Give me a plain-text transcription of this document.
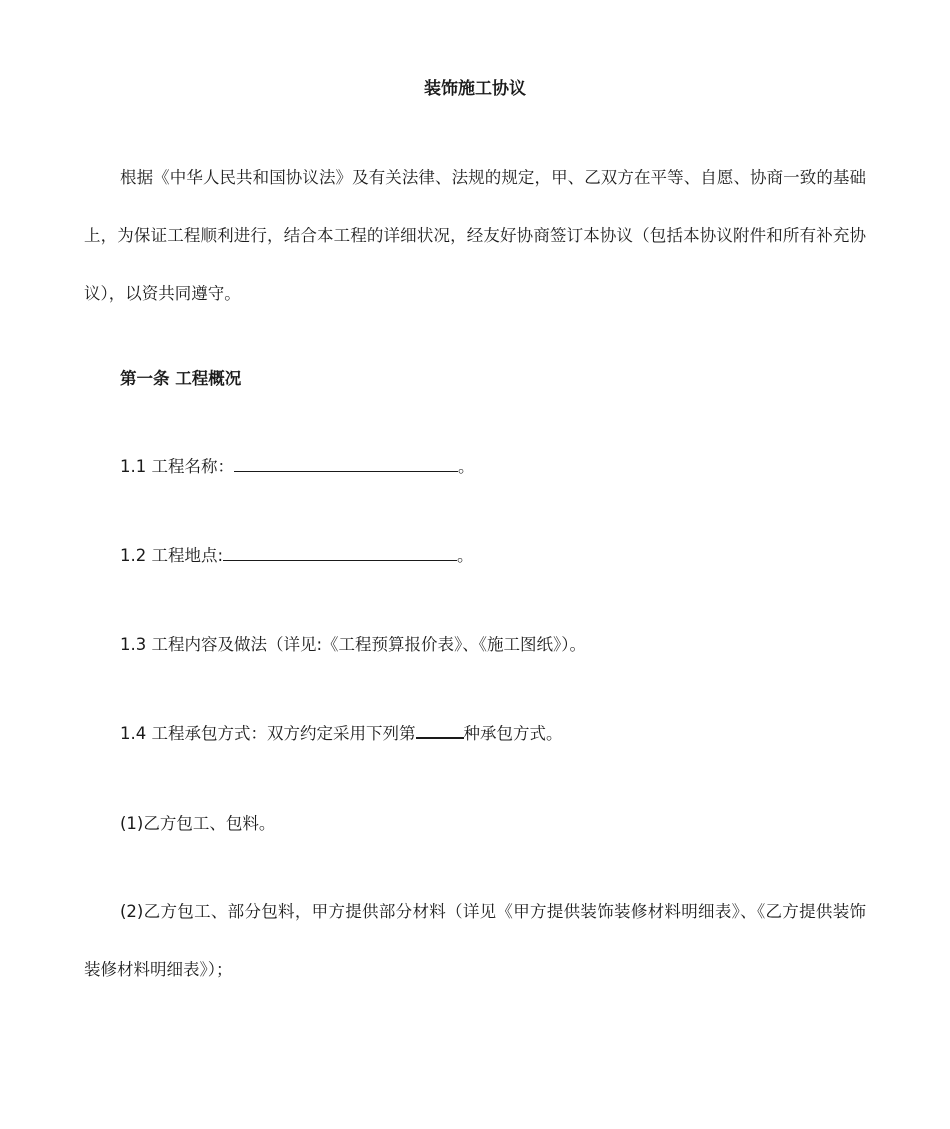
装饰施工协议

根据《中华人民共和国协议法》及有关法律、法规的规定，甲、乙双方在平等、自愿、协商一致的基础上，为保证工程顺利进行，结合本工程的详细状况，经友好协商签订本协议（包括本协议附件和所有补充协议），以资共同遵守。

第一条 工程概况

1.1 工程名称：	。

1.2 工程地点:	。

1.3 工程内容及做法（详见:《工程预算报价表》、《施工图纸》）。

1.4 工程承包方式：双方约定采用下列第	种承包方式。

(1)乙方包工、包料。

(2)乙方包工、部分包料，甲方提供部分材料（详见《甲方提供装饰装修材料明细表》、《乙方提供装饰装修材料明细表》）；
